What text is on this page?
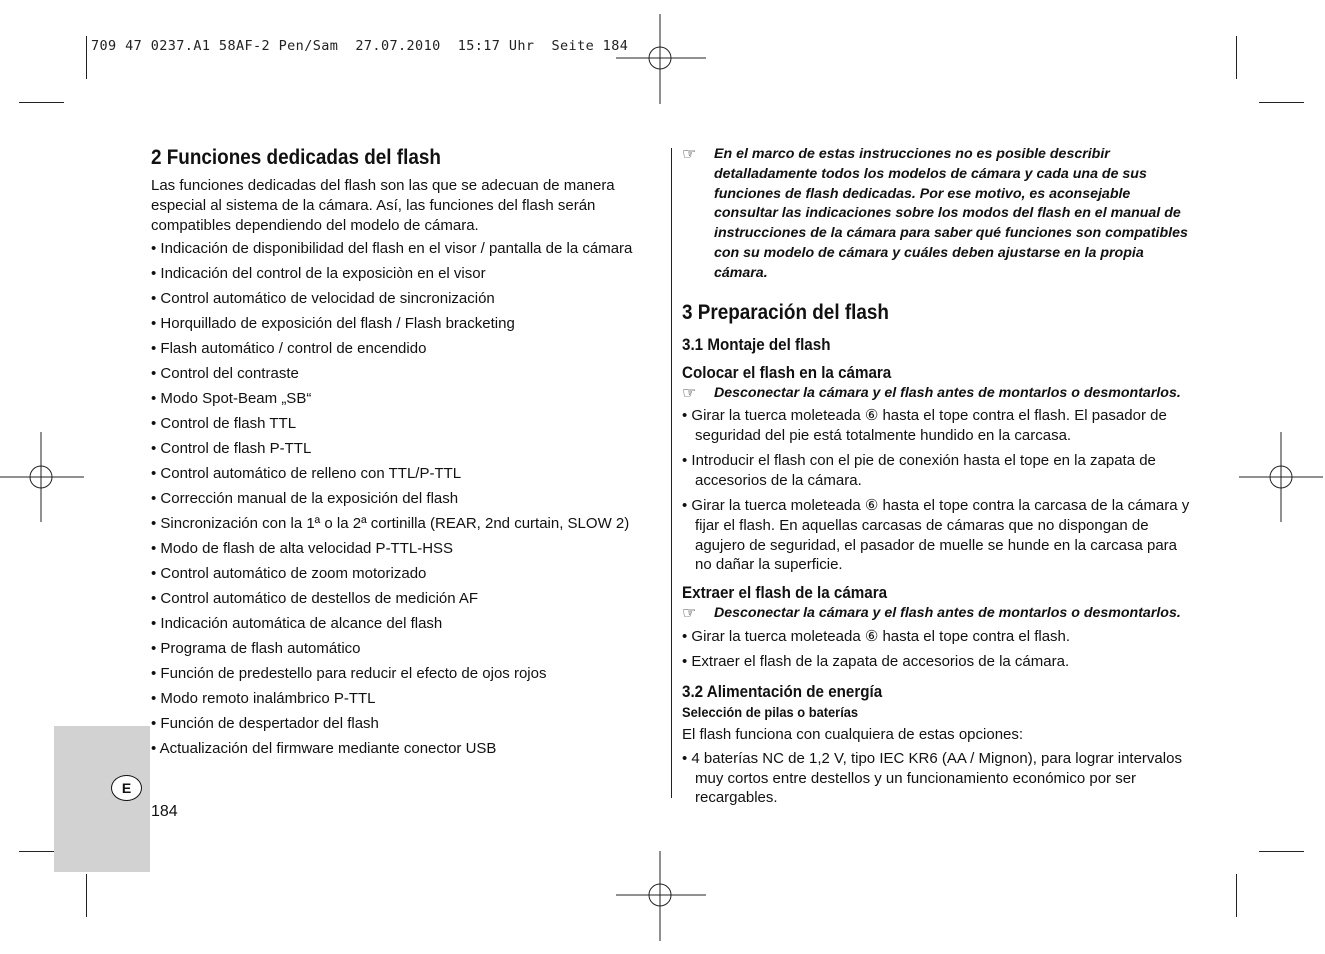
709 47 0237.A1 58AF-2 Pen/Sam  27.07.2010  15:17 Uhr  Seite 184
E
184
2 Funciones dedicadas del flash

Las funciones dedicadas del flash son las que se adecuan de manera especial al sistema de la cámara. Así, las funciones del flash serán compatibles dependiendo del modelo de cámara.

• Indicación de disponibilidad del flash en el visor / pantalla de la cámara
• Indicación del control de la exposiciòn en el visor
• Control automático de velocidad de sincronización
• Horquillado de exposición del flash / Flash bracketing
• Flash automático / control de encendido
• Control del contraste
• Modo Spot-Beam „SB“
• Control de flash TTL
• Control de flash P-TTL
• Control automático de relleno con TTL/P-TTL
• Corrección manual de la exposición del flash
• Sincronización con la 1ª o la 2ª cortinilla (REAR, 2nd curtain, SLOW 2)
• Modo de flash de alta velocidad P-TTL-HSS
• Control automático de zoom motorizado
• Control automático de destellos de medición AF
• Indicación automática de alcance del flash
• Programa de flash automático
• Función de predestello para reducir el efecto de ojos rojos
• Modo remoto inalámbrico P-TTL
• Función de despertador del flash
• Actualización del firmware mediante conector USB
☞	En el marco de estas instrucciones no es posible describir detalladamente todos los modelos de cámara y cada una de sus funciones de flash dedicadas. Por ese motivo, es aconsejable consultar las indicaciones sobre los modos del flash en el manual de instrucciones de la cámara para saber qué funciones son compatibles con su modelo de cámara y cuáles deben ajustarse en la propia cámara.
3 Preparación del flash
3.1 Montaje del flash
Colocar el flash en la cámara
☞	Desconectar la cámara y el flash antes de montarlos o desmontarlos.
• Girar la tuerca moleteada ⑥ hasta el tope contra el flash. El pasador de seguridad del pie está totalmente hundido en la carcasa.
• Introducir el flash con el pie de conexión hasta el tope en la zapata de accesorios de la cámara.
• Girar la tuerca moleteada ⑥ hasta el tope contra la carcasa de la cámara y fijar el flash. En aquellas carcasas de cámaras que no dispongan de agujero de seguridad, el pasador de muelle se hunde en la carcasa para no dañar la superficie.
Extraer el flash de la cámara
☞	Desconectar la cámara y el flash antes de montarlos o desmontarlos.
• Girar la tuerca moleteada ⑥ hasta el tope contra el flash.
• Extraer el flash de la zapata de accesorios de la cámara.
3.2 Alimentación de energía
Selección de pilas o baterías

El flash funciona con cualquiera de estas opciones:

• 4 baterías NC de 1,2 V, tipo IEC KR6 (AA / Mignon), para lograr intervalos muy cortos entre destellos y un funcionamiento económico por ser recargables.
